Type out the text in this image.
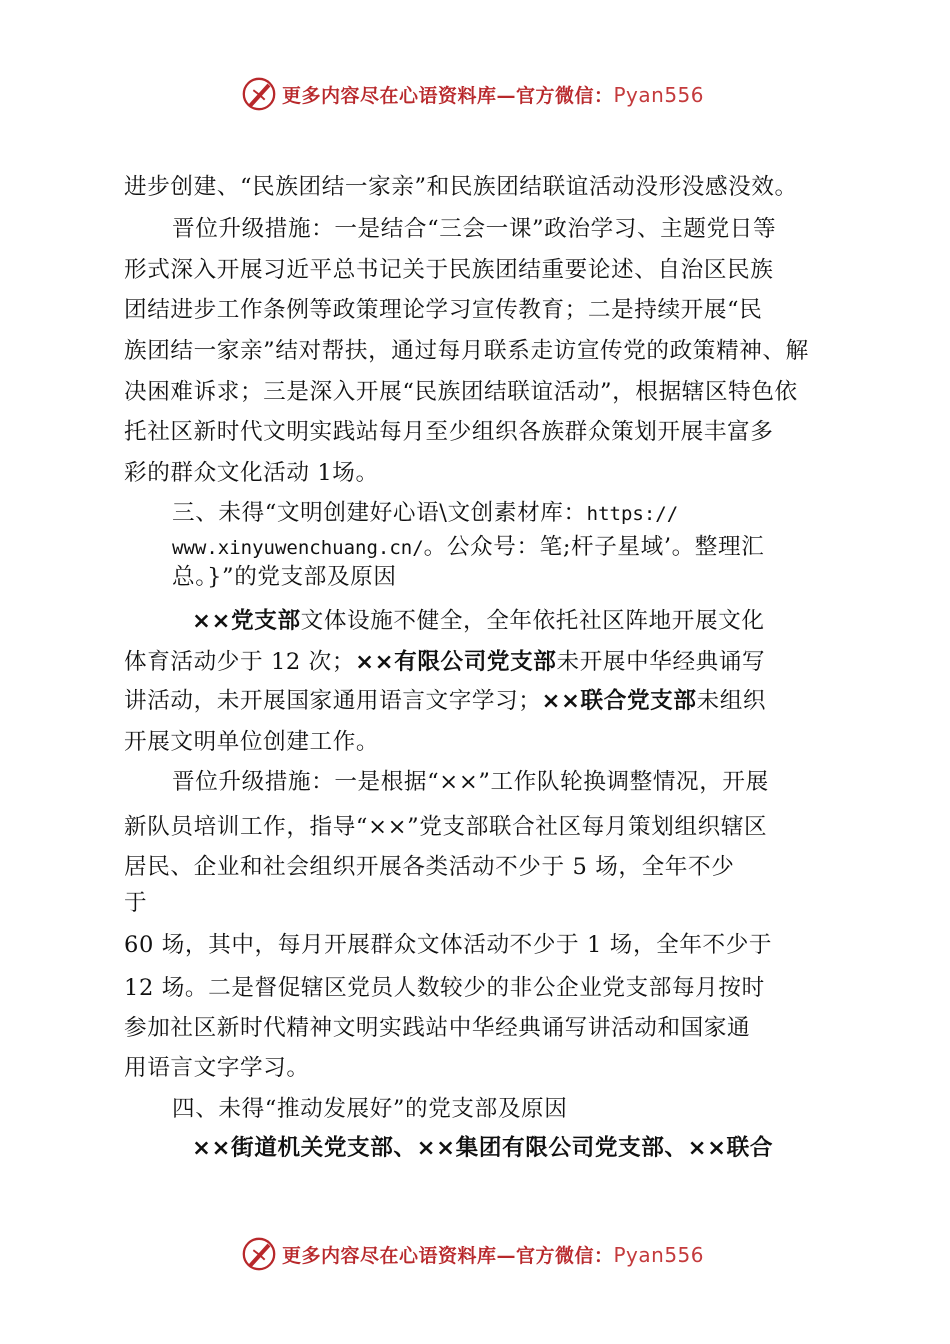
更多内容尽在心语资料库—官方微信：Pyan556
进步创建、“民族团结一家亲”和民族团结联谊活动没形没感没效。
晋位升级措施：一是结合“三会一课”政治学习、主题党日等
形式深入开展习近平总书记关于民族团结重要论述、自治区民族
团结进步工作条例等政策理论学习宣传教育；二是持续开展“民
族团结一家亲”结对帮扶，通过每月联系走访宣传党的政策精神、解
决困难诉求；三是深入开展“民族团结联谊活动”，根据辖区特色依
托社区新时代文明实践站每月至少组织各族群众策划开展丰富多
彩的群众文化活动 1场。
三、未得“文明创建好心语\文创素材库：https://
www.xinyuwenchuang.cn/。公众号：笔;杆子星域’。整理汇
总。}”的党支部及原因
××党支部文体设施不健全，全年依托社区阵地开展文化
体育活动少于 12 次；××有限公司党支部未开展中华经典诵写
讲活动，未开展国家通用语言文字学习；××联合党支部未组织
开展文明单位创建工作。
晋位升级措施：一是根据“××”工作队轮换调整情况，开展
新队员培训工作，指导“××”党支部联合社区每月策划组织辖区
居民、企业和社会组织开展各类活动不少于 5 场，全年不少
于
60 场，其中，每月开展群众文体活动不少于 1 场，全年不少于
12 场。二是督促辖区党员人数较少的非公企业党支部每月按时
参加社区新时代精神文明实践站中华经典诵写讲活动和国家通
用语言文字学习。
四、未得“推动发展好”的党支部及原因
××街道机关党支部、××集团有限公司党支部、××联合
更多内容尽在心语资料库—官方微信：Pyan556
